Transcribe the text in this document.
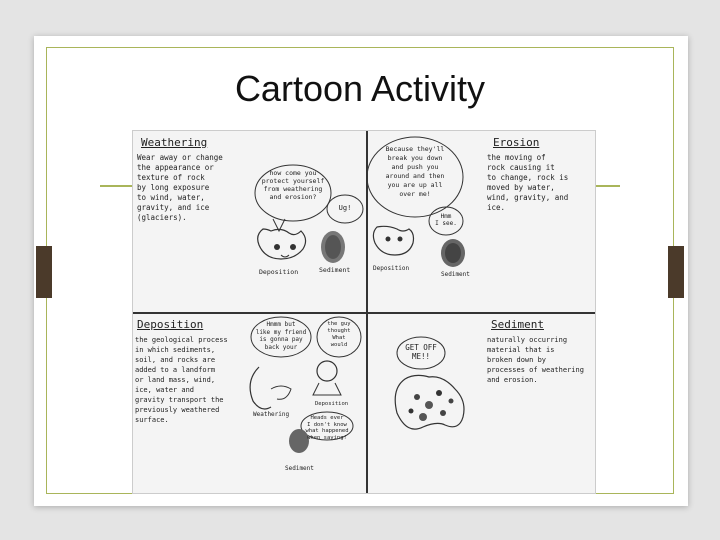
Cartoon Activity
Weathering
Wear away or change
the appearance or
texture of rock
by long exposure
to wind, water,
gravity, and ice
(glaciers).
how come you
protect yourself
from weathering
and erosion?
Ug!
Deposition	Sediment
Erosion
the moving of
rock causing it
to change, rock is
moved by water,
wind, gravity, and
ice.
Because they'll
break you down
and push you
around and then
you are up all
over me!
Hmm
I see.
Deposition
Sediment
Deposition
the geological process
in which sediments,
soil, and rocks are
added to a landform
or land mass, wind,
ice, water and
gravity transport the
previously weathered
surface.
Hmmm but
like my friend
is gonna pay
back your
the guy
thought
What
would
Deposition
Weathering	Heads ever
I don't know
what happened
when saying!
Sediment
Sediment
naturally occurring
material that is
broken down by
processes of weathering
and erosion.
GET OFF
ME!!
